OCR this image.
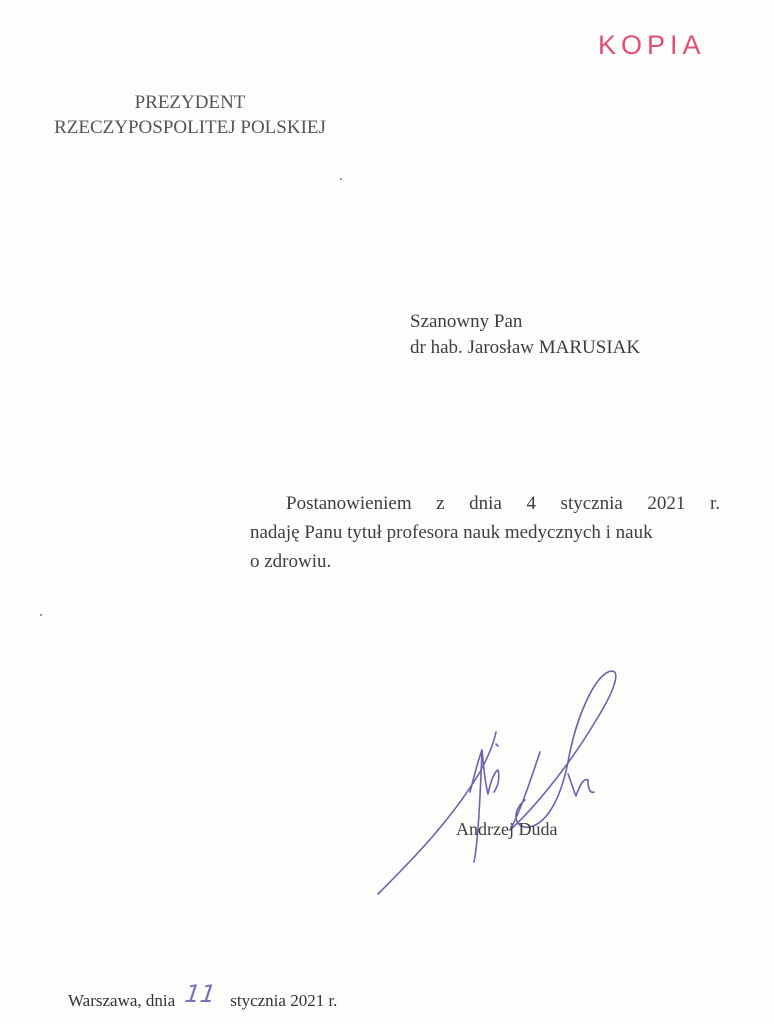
KOPIA
PREZYDENT
RZECZYPOSPOLITEJ POLSKIEJ
Szanowny Pan
dr hab. Jarosław MARUSIAK
Postanowieniem z dnia 4 stycznia 2021 r.
nadaję Panu tytuł profesora nauk medycznych i nauk
o zdrowiu.
Andrzej Duda
Warszawa, dnia 11 stycznia 2021 r.
